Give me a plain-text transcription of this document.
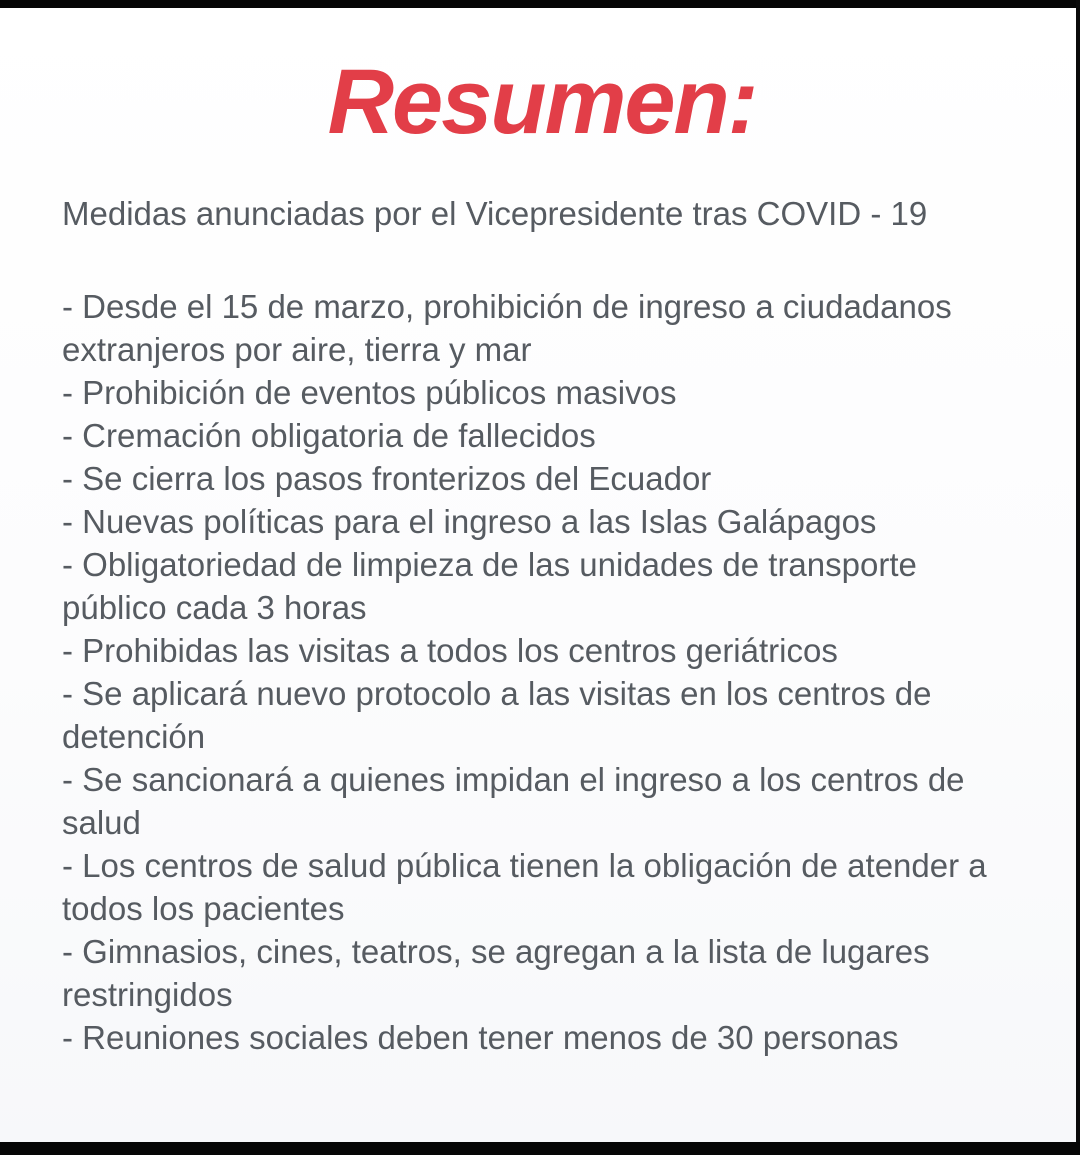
Resumen:

Medidas anunciadas por el Vicepresidente tras COVID - 19

- Desde el 15 de marzo, prohibición de ingreso a ciudadanos extranjeros por aire, tierra y mar
- Prohibición de eventos públicos masivos
- Cremación obligatoria de fallecidos
- Se cierra los pasos fronterizos del Ecuador
- Nuevas políticas para el ingreso a las Islas Galápagos
- Obligatoriedad de limpieza de las unidades de transporte público cada 3 horas
- Prohibidas las visitas a todos los centros geriátricos
- Se aplicará nuevo protocolo a las visitas en los centros de detención
- Se sancionará a quienes impidan el ingreso a los centros de salud
- Los centros de salud pública tienen la obligación de atender a todos los pacientes
- Gimnasios, cines, teatros, se agregan a la lista de lugares restringidos
- Reuniones sociales deben tener menos de 30 personas
